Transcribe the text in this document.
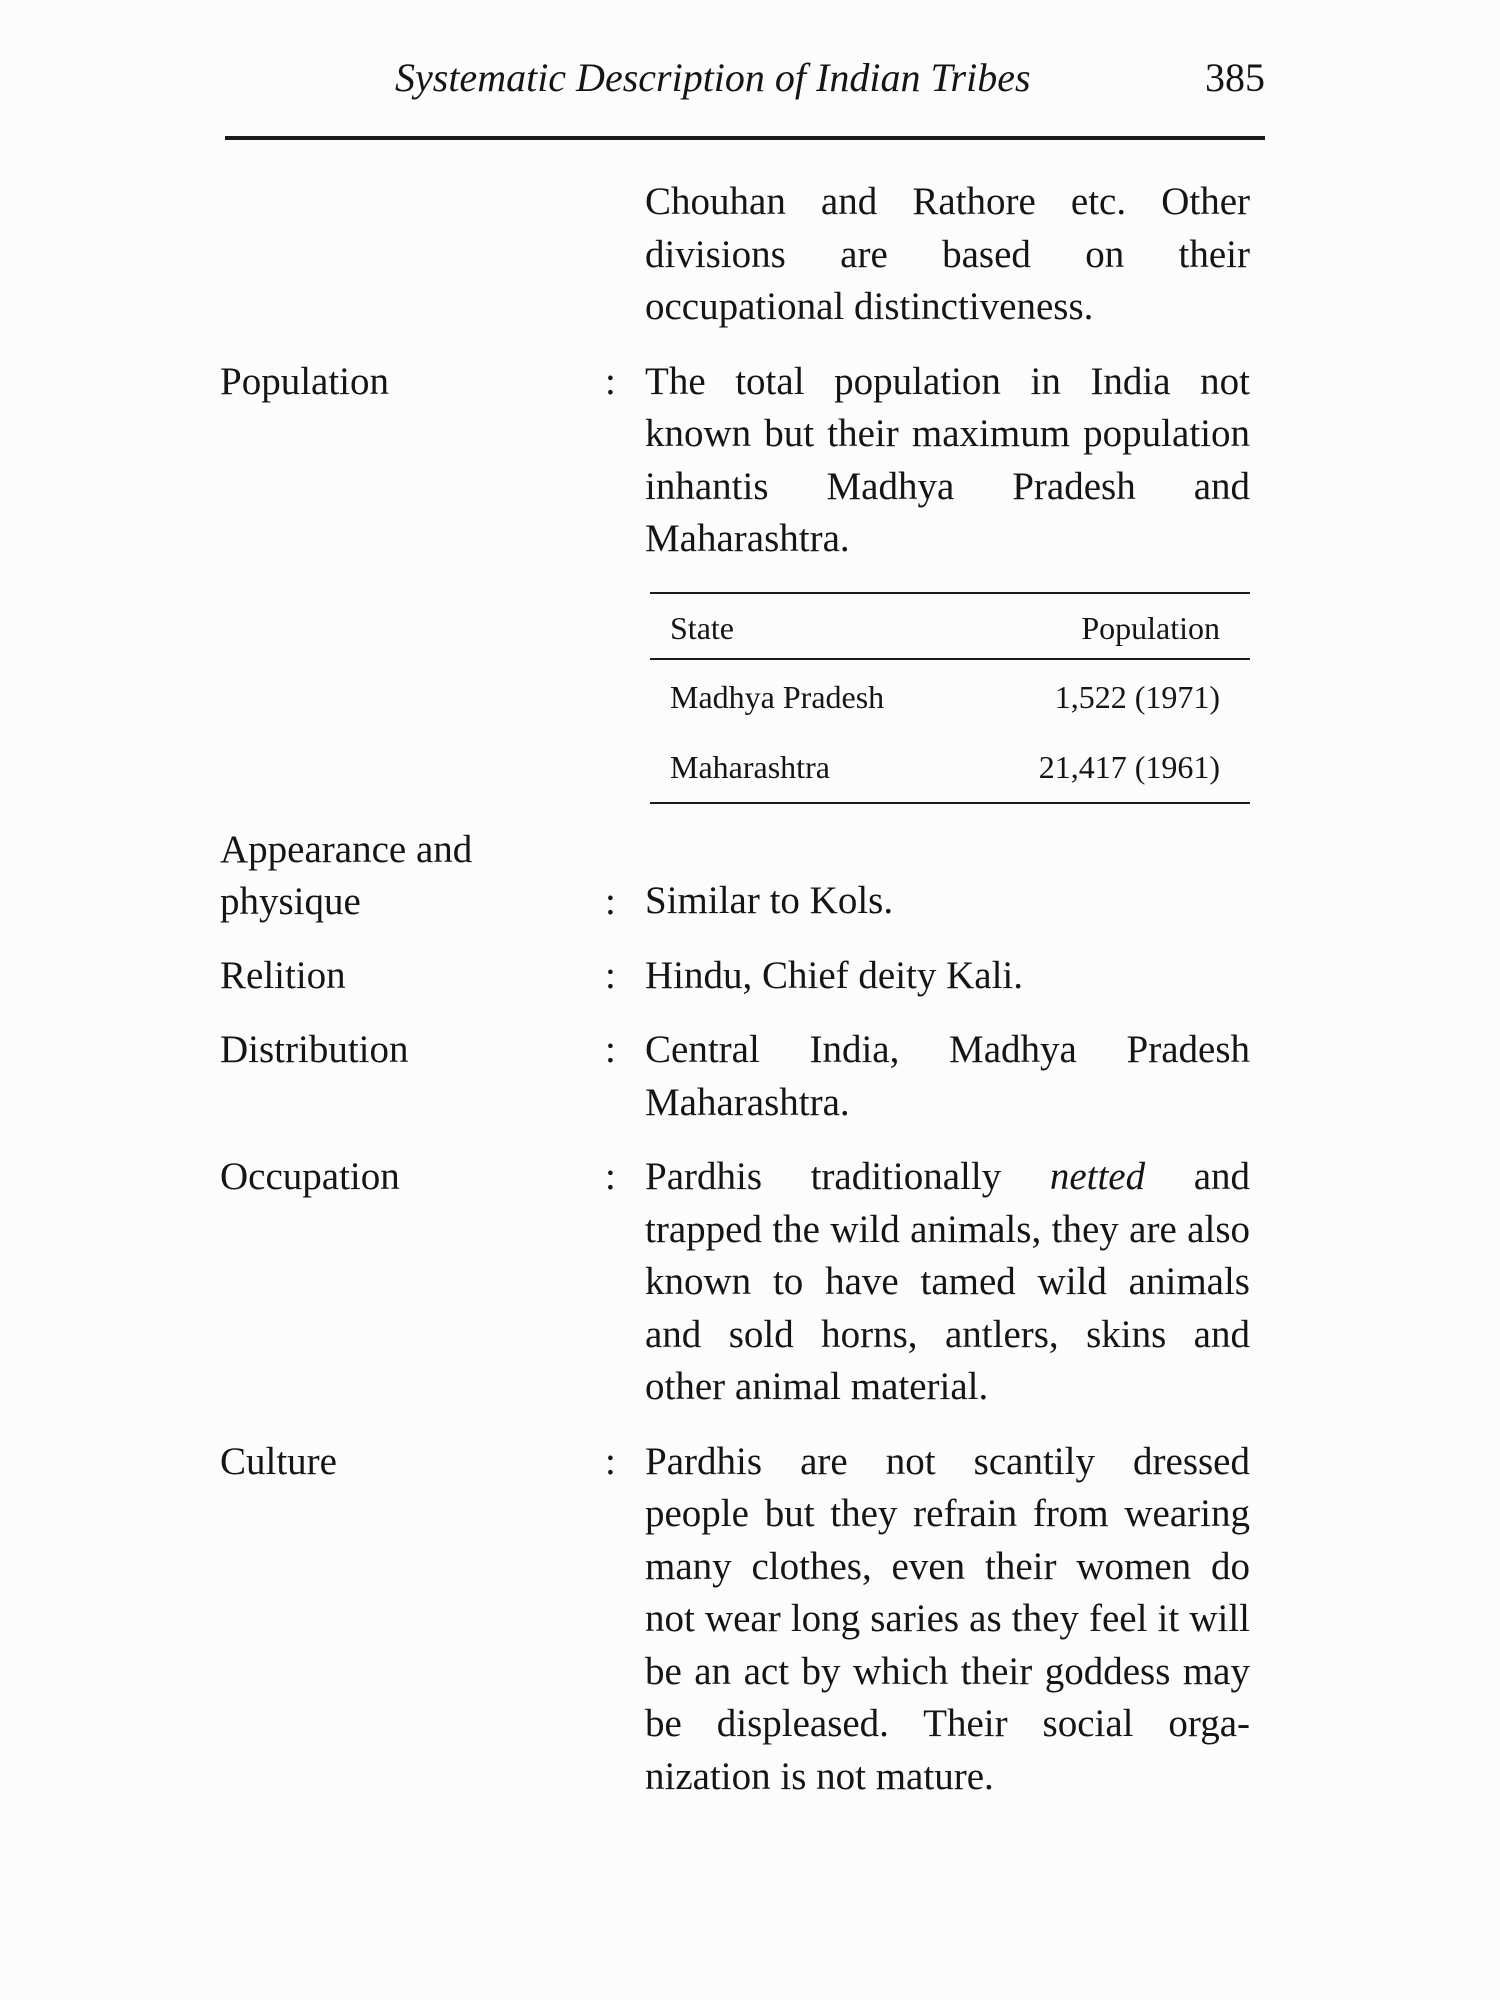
Systematic Description of Indian Tribes	385
Chouhan and Rathore etc. Other divisions are based on their occupational distinctiveness.
Population	: The total population in India not known but their maximum population inhantis Madhya Pradesh and Maharashtra.
State	Population
Madhya Pradesh	1,522 (1971)
Maharashtra	21,417 (1961)
Appearance and
physique	: Similar to Kols.
Relition	: Hindu, Chief deity Kali.
Distribution	: Central India, Madhya Pradesh Maharashtra.
Occupation	: Pardhis traditionally netted and trapped the wild animals, they are also known to have tamed wild animals and sold horns, antlers, skins and other animal material.
Culture	: Pardhis are not scantily dressed people but they refrain from wearing many clothes, even their women do not wear long saries as they feel it will be an act by which their goddess may be displeased. Their social orga-nization is not mature.
